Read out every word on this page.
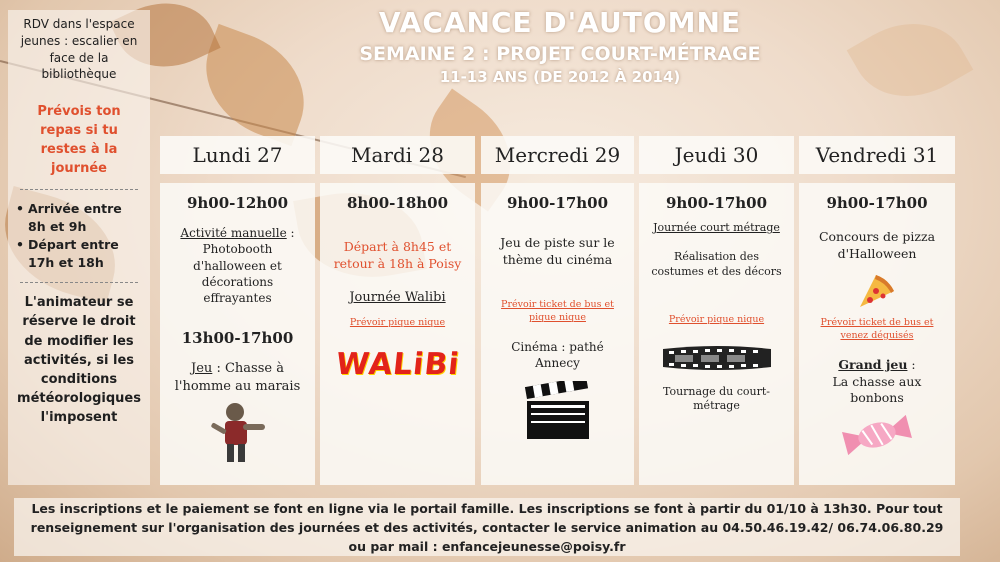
RDV dans l'espace jeunes : escalier en face de la bibliothèque
Prévois ton repas si tu restes à la journée
• Arrivée entre 8h et 9h
• Départ entre 17h et 18h
L'animateur se réserve le droit de modifier les activités, si les conditions météorologiques l'imposent
VACANCE D'AUTOMNE
SEMAINE 2 : PROJET COURT-MÉTRAGE
11-13 ANS (DE 2012 À 2014)
Lundi 27	Mardi 28	Mercredi 29	Jeudi 30	Vendredi 31
9h00-12h00
Activité manuelle :
Photobooth d'halloween et décorations effrayantes
13h00-17h00
Jeu : Chasse à l'homme au marais
8h00-18h00
Départ à 8h45 et retour à 18h à Poisy
Journée Walibi
Prévoir pique nique
WALiBi
9h00-17h00
Jeu de piste sur le thème du cinéma
Prévoir ticket de bus et pique nique
Cinéma : pathé Annecy
9h00-17h00
Journée court métrage
Réalisation des costumes et des décors
Prévoir pique nique
Tournage du court-métrage
9h00-17h00
Concours de pizza d'Halloween
Prévoir ticket de bus et venez déguisés
Grand jeu :
La chasse aux bonbons
Les inscriptions et le paiement se font en ligne via le portail famille. Les inscriptions se font à partir du 01/10 à 13h30. Pour tout renseignement sur l'organisation des journées et des activités, contacter le service animation au 04.50.46.19.42/ 06.74.06.80.29 ou par mail : enfancejeunesse@poisy.fr
